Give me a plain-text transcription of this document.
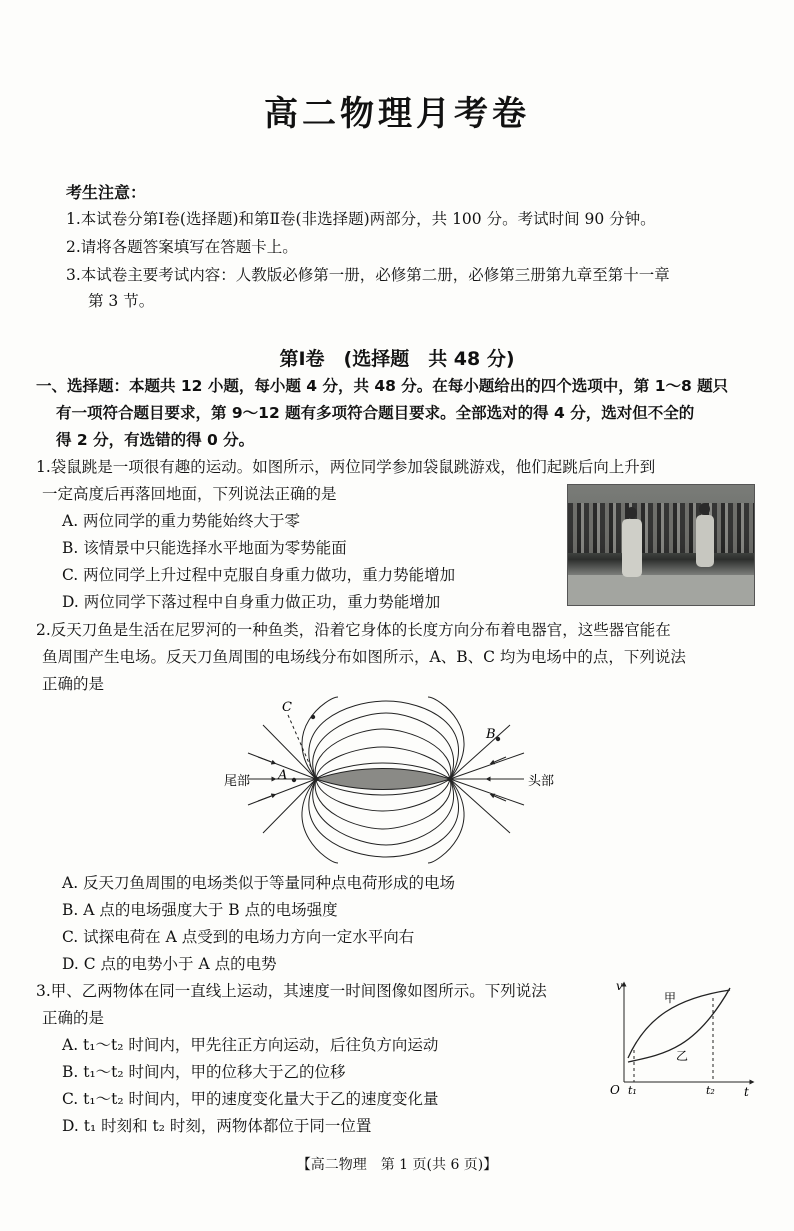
高二物理月考卷
考生注意：
1.本试卷分第Ⅰ卷(选择题)和第Ⅱ卷(非选择题)两部分，共 100 分。考试时间 90 分钟。
2.请将各题答案填写在答题卡上。
3.本试卷主要考试内容：人教版必修第一册，必修第二册，必修第三册第九章至第十一章
第 3 节。
第Ⅰ卷　(选择题　共 48 分)
一、选择题：本题共 12 小题，每小题 4 分，共 48 分。在每小题给出的四个选项中，第 1～8 题只
有一项符合题目要求，第 9～12 题有多项符合题目要求。全部选对的得 4 分，选对但不全的
得 2 分，有选错的得 0 分。
1.袋鼠跳是一项很有趣的运动。如图所示，两位同学参加袋鼠跳游戏，他们起跳后向上升到
一定高度后再落回地面，下列说法正确的是
A. 两位同学的重力势能始终大于零
B. 该情景中只能选择水平地面为零势能面
C. 两位同学上升过程中克服自身重力做功，重力势能增加
D. 两位同学下落过程中自身重力做正功，重力势能增加
2.反天刀鱼是生活在尼罗河的一种鱼类，沿着它身体的长度方向分布着电器官，这些器官能在
鱼周围产生电场。反天刀鱼周围的电场线分布如图所示，A、B、C 均为电场中的点，下列说法
正确的是
尾部	头部
A
B
C
A. 反天刀鱼周围的电场类似于等量同种点电荷形成的电场
B. A 点的电场强度大于 B 点的电场强度
C. 试探电荷在 A 点受到的电场力方向一定水平向右
D. C 点的电势小于 A 点的电势
3.甲、乙两物体在同一直线上运动，其速度一时间图像如图所示。下列说法
正确的是
A. t₁～t₂ 时间内，甲先往正方向运动，后往负方向运动
B. t₁～t₂ 时间内，甲的位移大于乙的位移
C. t₁～t₂ 时间内，甲的速度变化量大于乙的速度变化量
D. t₁ 时刻和 t₂ 时刻，两物体都位于同一位置
v
t
O
甲
乙
t₁	t₂
【高二物理　第 1 页(共 6 页)】
